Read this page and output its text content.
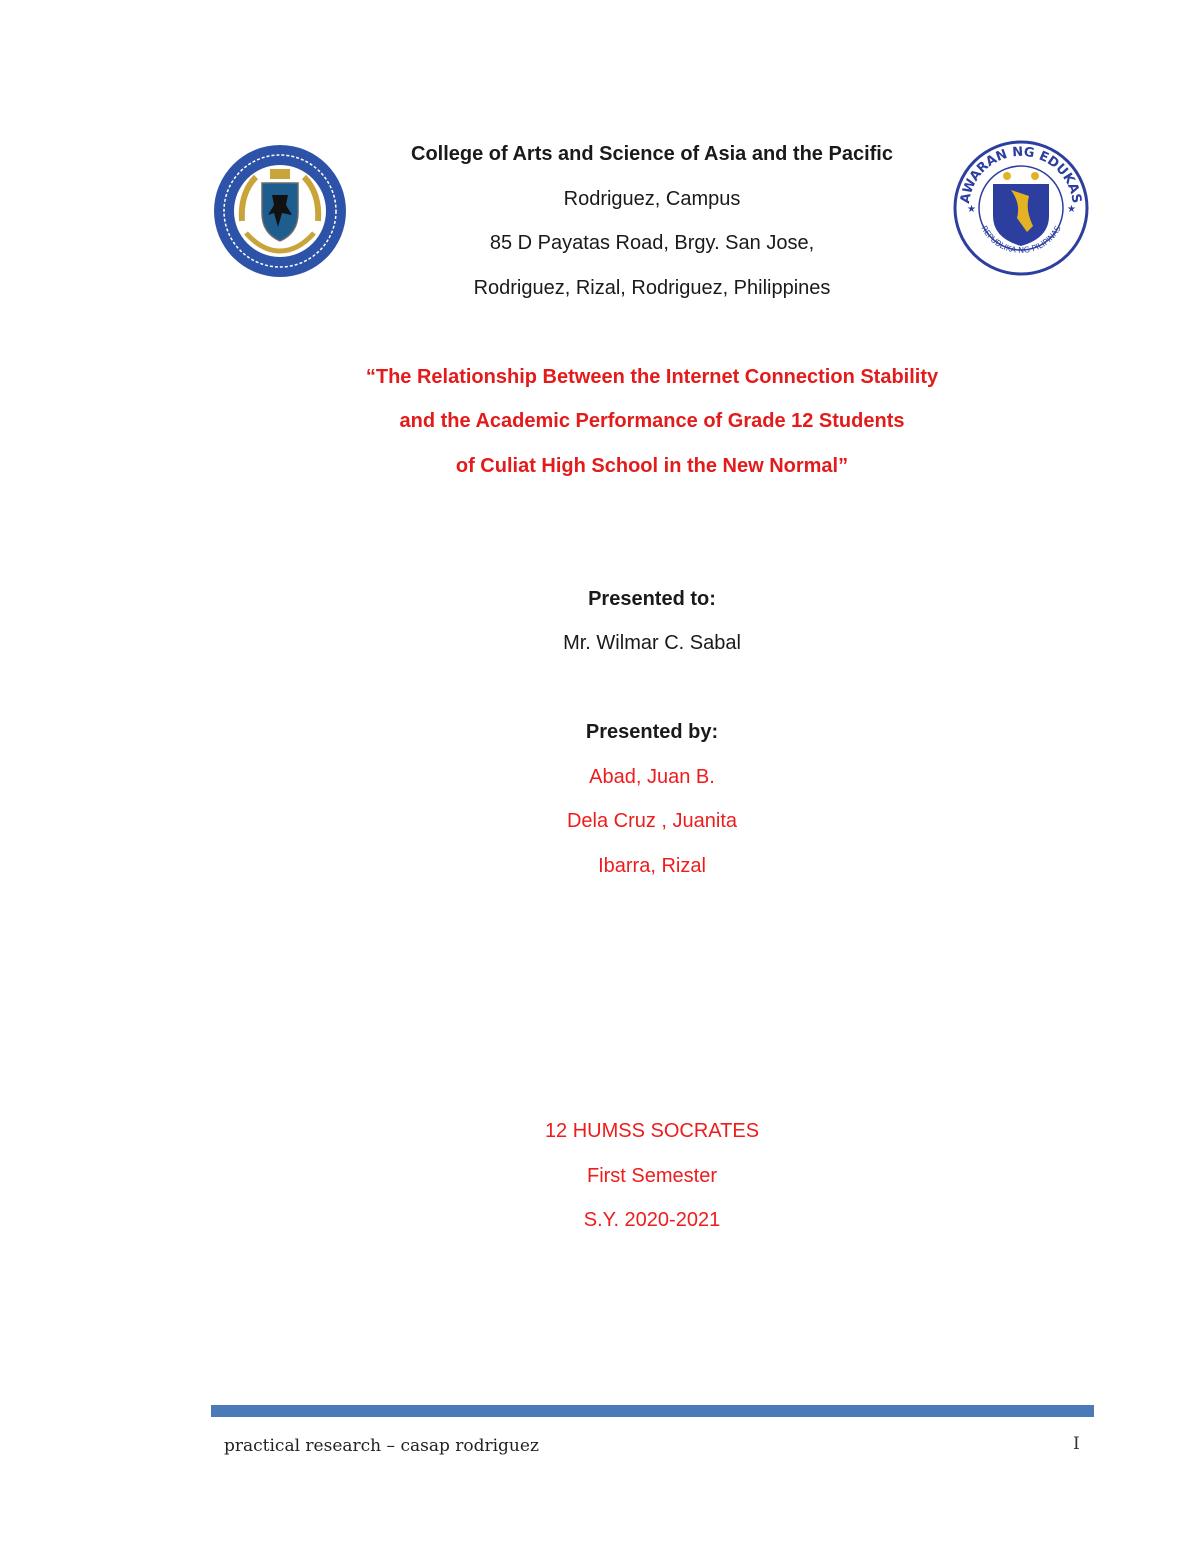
AWARAN NG EDUKAS
REPUBLIKA NG PILIPINAS
★	★
College of Arts and Science of Asia and the Pacific
Rodriguez, Campus
85 D Payatas Road, Brgy. San Jose,
Rodriguez, Rizal, Rodriguez, Philippines
“The Relationship Between the Internet Connection Stability
and the Academic Performance of Grade 12 Students
of Culiat High School in the New Normal”
Presented to:
Mr. Wilmar C. Sabal
Presented by:
Abad, Juan B.
Dela Cruz , Juanita
Ibarra, Rizal
12 HUMSS SOCRATES
First Semester
S.Y. 2020-2021
practical research – casap rodriguez	I
